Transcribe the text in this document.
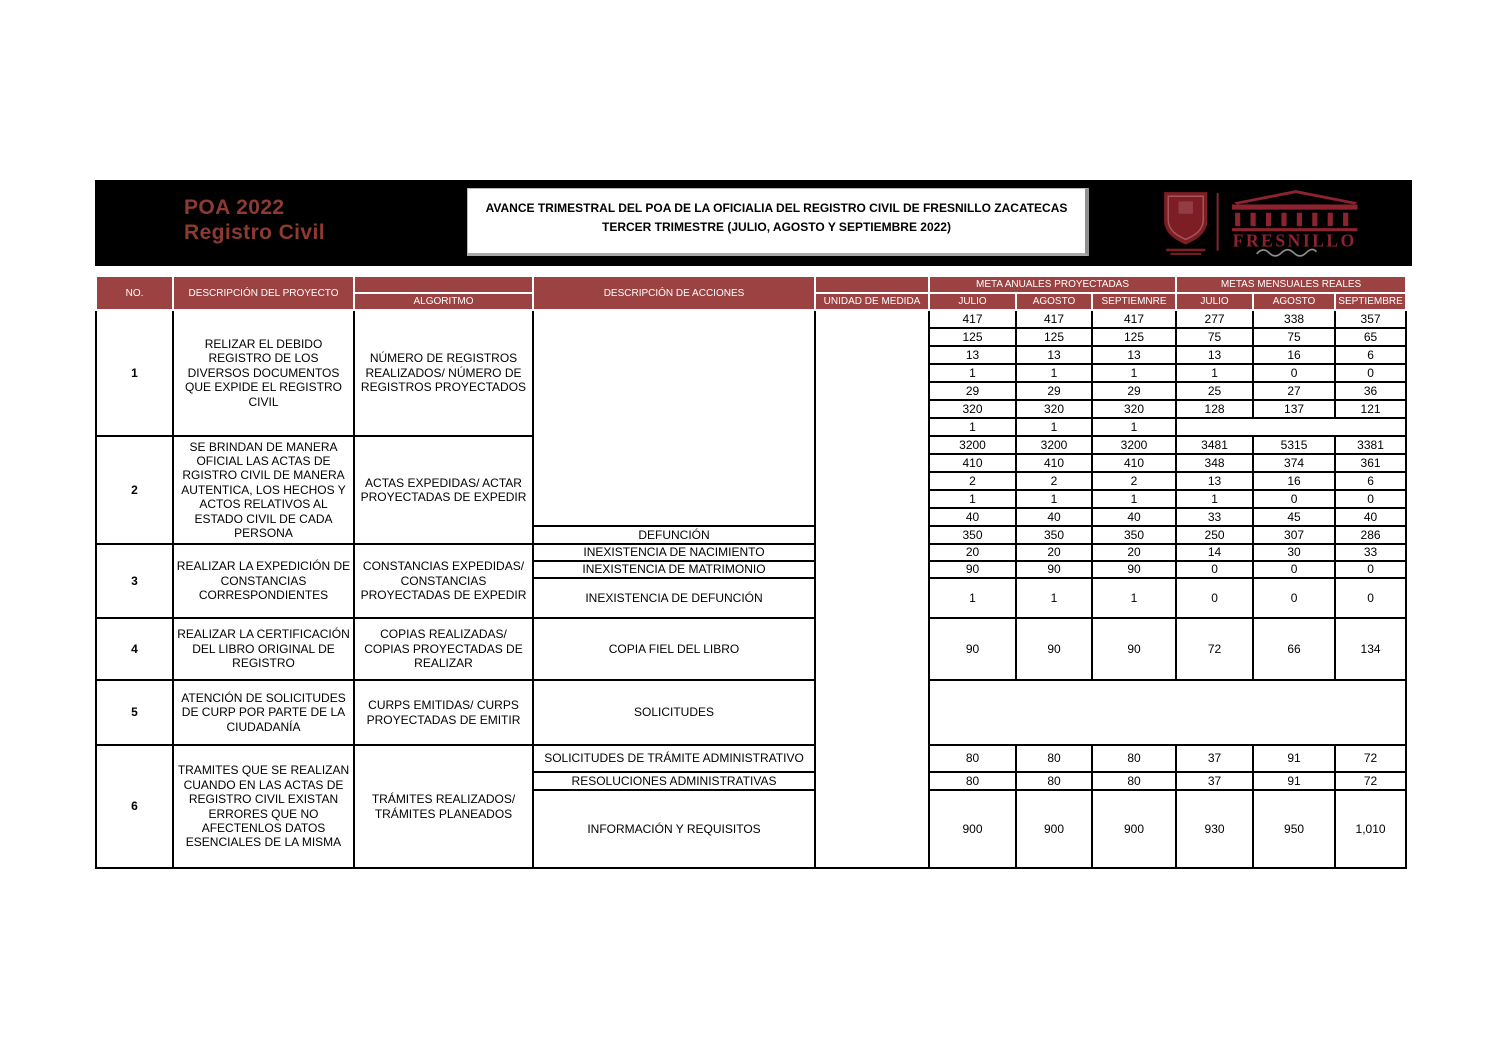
POA 2022
Registro Civil
AVANCE TRIMESTRAL DEL POA DE LA OFICIALIA DEL REGISTRO CIVIL DE FRESNILLO ZACATECAS
TERCER TRIMESTRE (JULIO, AGOSTO Y SEPTIEMBRE 2022)
FRESNILLO
NO.	DESCRIPCIÓN DEL PROYECTO		DESCRIPCIÓN DE ACCIONES		META ANUALES PROYECTADAS			METAS MENSUALES REALES		
		ALGORITMO		UNIDAD DE MEDIDA	JULIO	AGOSTO	SEPTIEMNRE	JULIO	AGOSTO	SEPTIEMBRE
1	RELIZAR EL DEBIDO REGISTRO DE LOS DIVERSOS DOCUMENTOS QUE EXPIDE EL REGISTRO CIVIL	NÚMERO DE REGISTROS REALIZADOS/ NÚMERO DE REGISTROS PROYECTADOS			417	417	417	277	338	357
					125	125	125	75	75	65
					13	13	13	13	16	6
					1	1	1	1	0	0
					29	29	29	25	27	36
					320	320	320	128	137	121
					1	1	1			
2	SE BRINDAN DE MANERA OFICIAL LAS ACTAS DE RGISTRO CIVIL DE MANERA AUTENTICA, LOS HECHOS Y ACTOS RELATIVOS AL ESTADO CIVIL DE CADA PERSONA	ACTAS EXPEDIDAS/ ACTAR PROYECTADAS DE EXPEDIR			3200	3200	3200	3481	5315	3381
					410	410	410	348	374	361
					2	2	2	13	16	6
					1	1	1	1	0	0
					40	40	40	33	45	40
			DEFUNCIÓN		350	350	350	250	307	286
3	REALIZAR LA EXPEDICIÓN DE CONSTANCIAS CORRESPONDIENTES	CONSTANCIAS EXPEDIDAS/ CONSTANCIAS PROYECTADAS DE EXPEDIR	INEXISTENCIA DE NACIMIENTO		20	20	20	14	30	33
			INEXISTENCIA DE MATRIMONIO		90	90	90	0	0	0
			INEXISTENCIA DE DEFUNCIÓN		1	1	1	0	0	0
4	REALIZAR LA CERTIFICACIÓN DEL LIBRO ORIGINAL DE REGISTRO	COPIAS REALIZADAS/ COPIAS PROYECTADAS DE REALIZAR	COPIA FIEL DEL LIBRO		90	90	90	72	66	134
5	ATENCIÓN DE SOLICITUDES DE CURP POR PARTE DE LA CIUDADANÍA	CURPS EMITIDAS/ CURPS PROYECTADAS DE EMITIR	SOLICITUDES							
6	TRAMITES QUE SE REALIZAN CUANDO EN LAS ACTAS DE REGISTRO CIVIL EXISTAN ERRORES QUE NO AFECTENLOS DATOS ESENCIALES DE LA MISMA	TRÁMITES REALIZADOS/ TRÁMITES PLANEADOS	SOLICITUDES DE TRÁMITE ADMINISTRATIVO		80	80	80	37	91	72
			RESOLUCIONES ADMINISTRATIVAS		80	80	80	37	91	72
			INFORMACIÓN Y REQUISITOS		900	900	900	930	950	1,010
